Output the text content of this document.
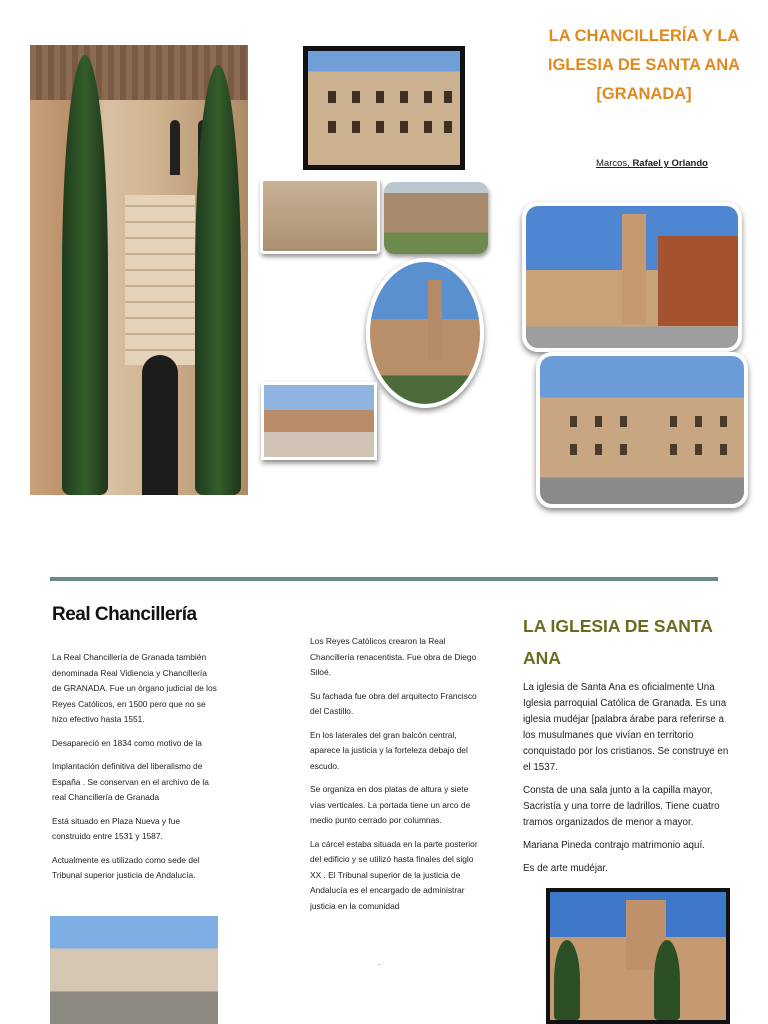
LA CHANCILLERÍA Y LA
IGLESIA DE SANTA ANA
[GRANADA]
Marcos, Rafael y Orlando
Real Chancillería

La Real Chancillería de Granada también denominada Real Vidiencia y Chancillería de GRANADA. Fue un órgano judicial de los Reyes Católicos, en 1500 pero que no se hizo efectivo hasta 1551.

Desapareció en 1834 como motivo de la

Implantación definitiva del liberalismo de España . Se conservan en el archivo de la real Chancillería de Granada

Está situado en Plaza Nueva y fue construido entre 1531 y 1587.

Actualmente es utilizado como sede del Tribunal superior justicia de Andalucía.

Los Reyes Católicos crearon la Real Chancillería renacentista. Fue obra de Diego Siloé.

Su fachada fue obra del arquitecto Francisco del Castillo.

En los laterales del gran balcón central, aparece la justicia y la forteleza debajo del escudo.

Se organiza en dos platas de altura y siete vías verticales. La portada tiene un arco de medio punto cerrado por columnas.

La cárcel estaba situada en la parte posterior del edificio y se utilizó hasta finales del siglo XX . El Tribunal superior de la justicia de Andalucía es el encargado de administrar justicia en la comunidad

.
LA IGLESIA DE SANTA ANA

La iglesia de Santa Ana es oficialmente Una Iglesia parroquial Católica de Granada. Es una iglesia mudéjar [palabra árabe para referirse a los musulmanes que vivían en territorio conquistado por los cristianos. Se construye en el 1537.

Consta de una sala junto a la capilla mayor, Sacristía y una torre de ladrillos. Tiene cuatro tramos organizados de menor a mayor.

Mariana Pineda contrajo matrimonio aquí.

Es de arte mudéjar.
